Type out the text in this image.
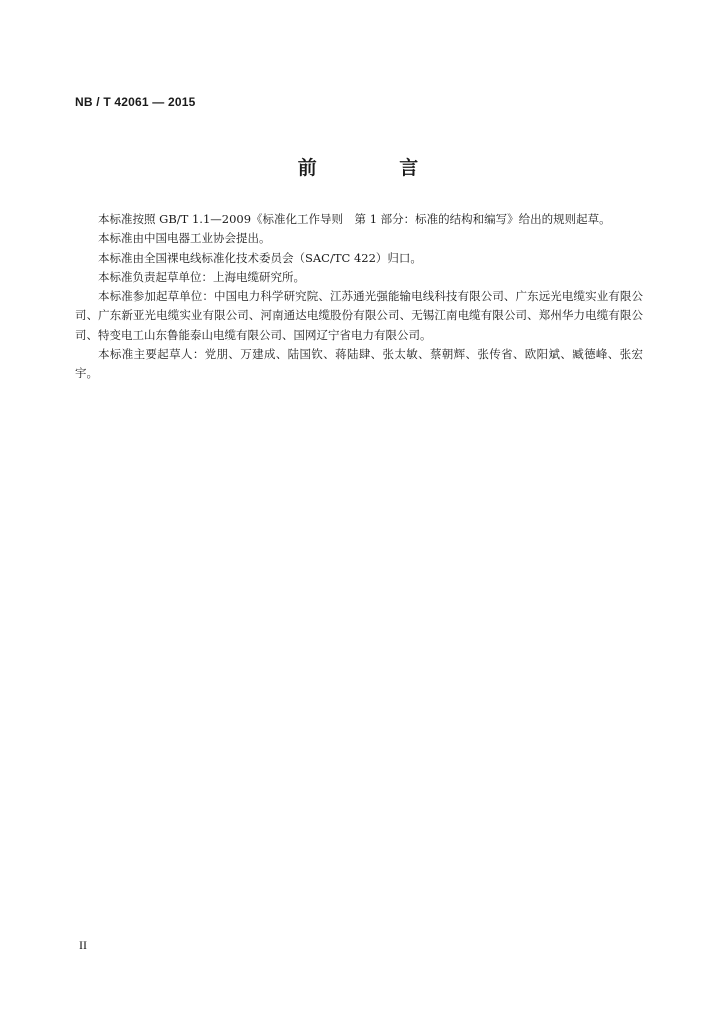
NB / T 42061 — 2015
前 言

本标准按照 GB/T 1.1—2009《标准化工作导则　第 1 部分：标准的结构和编写》给出的规则起草。

本标准由中国电器工业协会提出。

本标准由全国裸电线标准化技术委员会（SAC/TC 422）归口。

本标准负责起草单位：上海电缆研究所。

本标准参加起草单位：中国电力科学研究院、江苏通光强能输电线科技有限公司、广东远光电缆实业有限公司、广东新亚光电缆实业有限公司、河南通达电缆股份有限公司、无锡江南电缆有限公司、郑州华力电缆有限公司、特变电工山东鲁能泰山电缆有限公司、国网辽宁省电力有限公司。

本标准主要起草人：党朋、万建成、陆国钦、蒋陆肆、张太敏、蔡朝辉、张传省、欧阳斌、臧德峰、张宏宇。

II
